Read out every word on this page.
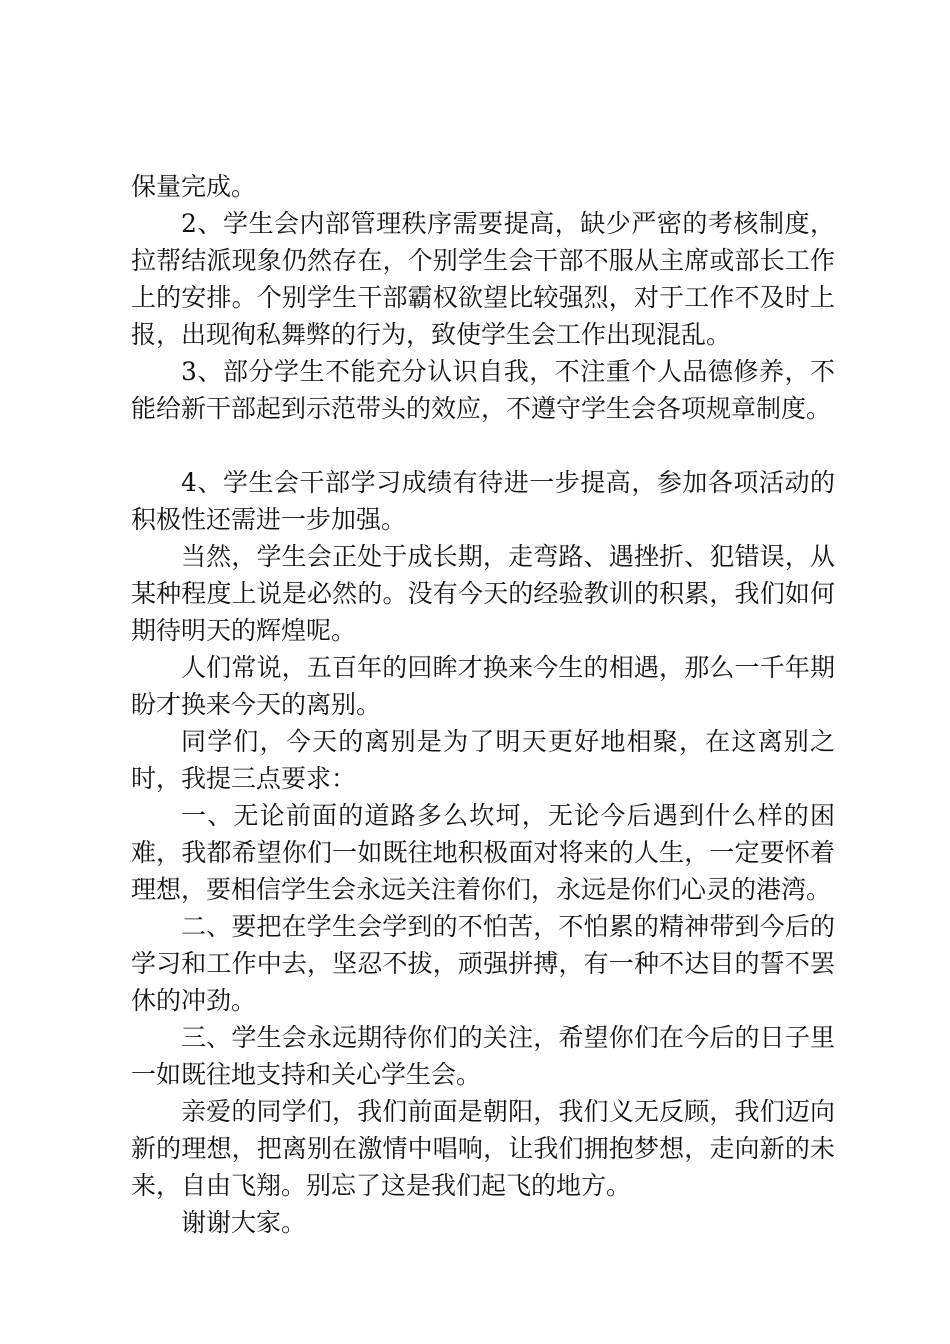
保量完成。

2、学生会内部管理秩序需要提高，缺少严密的考核制度，拉帮结派现象仍然存在，个别学生会干部不服从主席或部长工作上的安排。个别学生干部霸权欲望比较强烈，对于工作不及时上报，出现徇私舞弊的行为，致使学生会工作出现混乱。

3、部分学生不能充分认识自我，不注重个人品德修养，不能给新干部起到示范带头的效应，不遵守学生会各项规章制度。

4、学生会干部学习成绩有待进一步提高，参加各项活动的积极性还需进一步加强。

当然，学生会正处于成长期，走弯路、遇挫折、犯错误，从某种程度上说是必然的。没有今天的经验教训的积累，我们如何期待明天的辉煌呢。

人们常说，五百年的回眸才换来今生的相遇，那么一千年期盼才换来今天的离别。

同学们，今天的离别是为了明天更好地相聚，在这离别之时，我提三点要求：

一、无论前面的道路多么坎坷，无论今后遇到什么样的困难，我都希望你们一如既往地积极面对将来的人生，一定要怀着理想，要相信学生会永远关注着你们，永远是你们心灵的港湾。

二、要把在学生会学到的不怕苦，不怕累的精神带到今后的学习和工作中去，坚忍不拔，顽强拼搏，有一种不达目的誓不罢休的冲劲。

三、学生会永远期待你们的关注，希望你们在今后的日子里一如既往地支持和关心学生会。

亲爱的同学们，我们前面是朝阳，我们义无反顾，我们迈向新的理想，把离别在激情中唱响，让我们拥抱梦想，走向新的未来，自由飞翔。别忘了这是我们起飞的地方。

谢谢大家。
